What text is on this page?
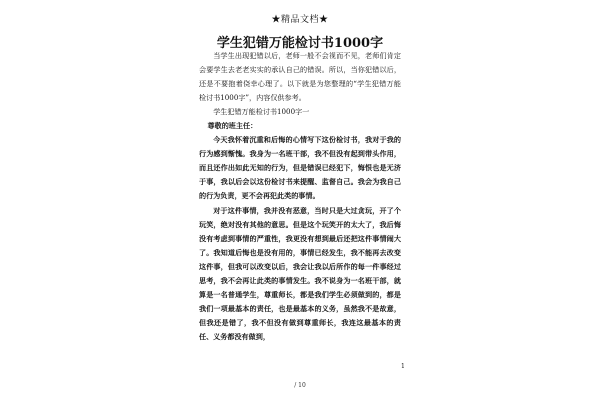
★精品文档★
学生犯错万能检讨书1000字

当学生出现犯错以后，老师一般不会视而不见，老师们肯定会要学生去老老实实的承认自己的错误。所以，当你犯错以后，还是不要抱着侥幸心理了。以下就是为您整理的“学生犯错万能检讨书1000字”，内容仅供参考。

学生犯错万能检讨书1000字一

尊敬的班主任：

今天我怀着沉重和后悔的心情写下这份检讨书，我对于我的行为感到惭愧。我身为一名班干部，我不但没有起到带头作用，而且还作出如此无知的行为，但是错误已经犯下，悔恨也是无济于事，我以后会以这份检讨书来提醒、监督自己。我会为我自己的行为负责，更不会再犯此类的事情。

对于这件事情，我并没有恶意，当时只是大过贪玩，开了个玩笑，绝对没有其他的意思。但是这个玩笑开的太大了，我后悔没有考虑到事情的严重性，我更没有想到最后还把这件事情闹大了。我知道后悔也是没有用的，事情已经发生，我不能再去改变这件事，但我可以改变以后，我会让我以后所作的每一件事经过思考，我不会再让此类的事情发生。我不说身为一名班干部，就算是一名普通学生，尊重师长，都是我们学生必须做到的，都是我们一项最基本的责任，也是最基本的义务，虽然我不是故意，但我还是错了，我不但没有做到尊重师长，我连这最基本的责任、义务都没有做到，

1
/ 10
